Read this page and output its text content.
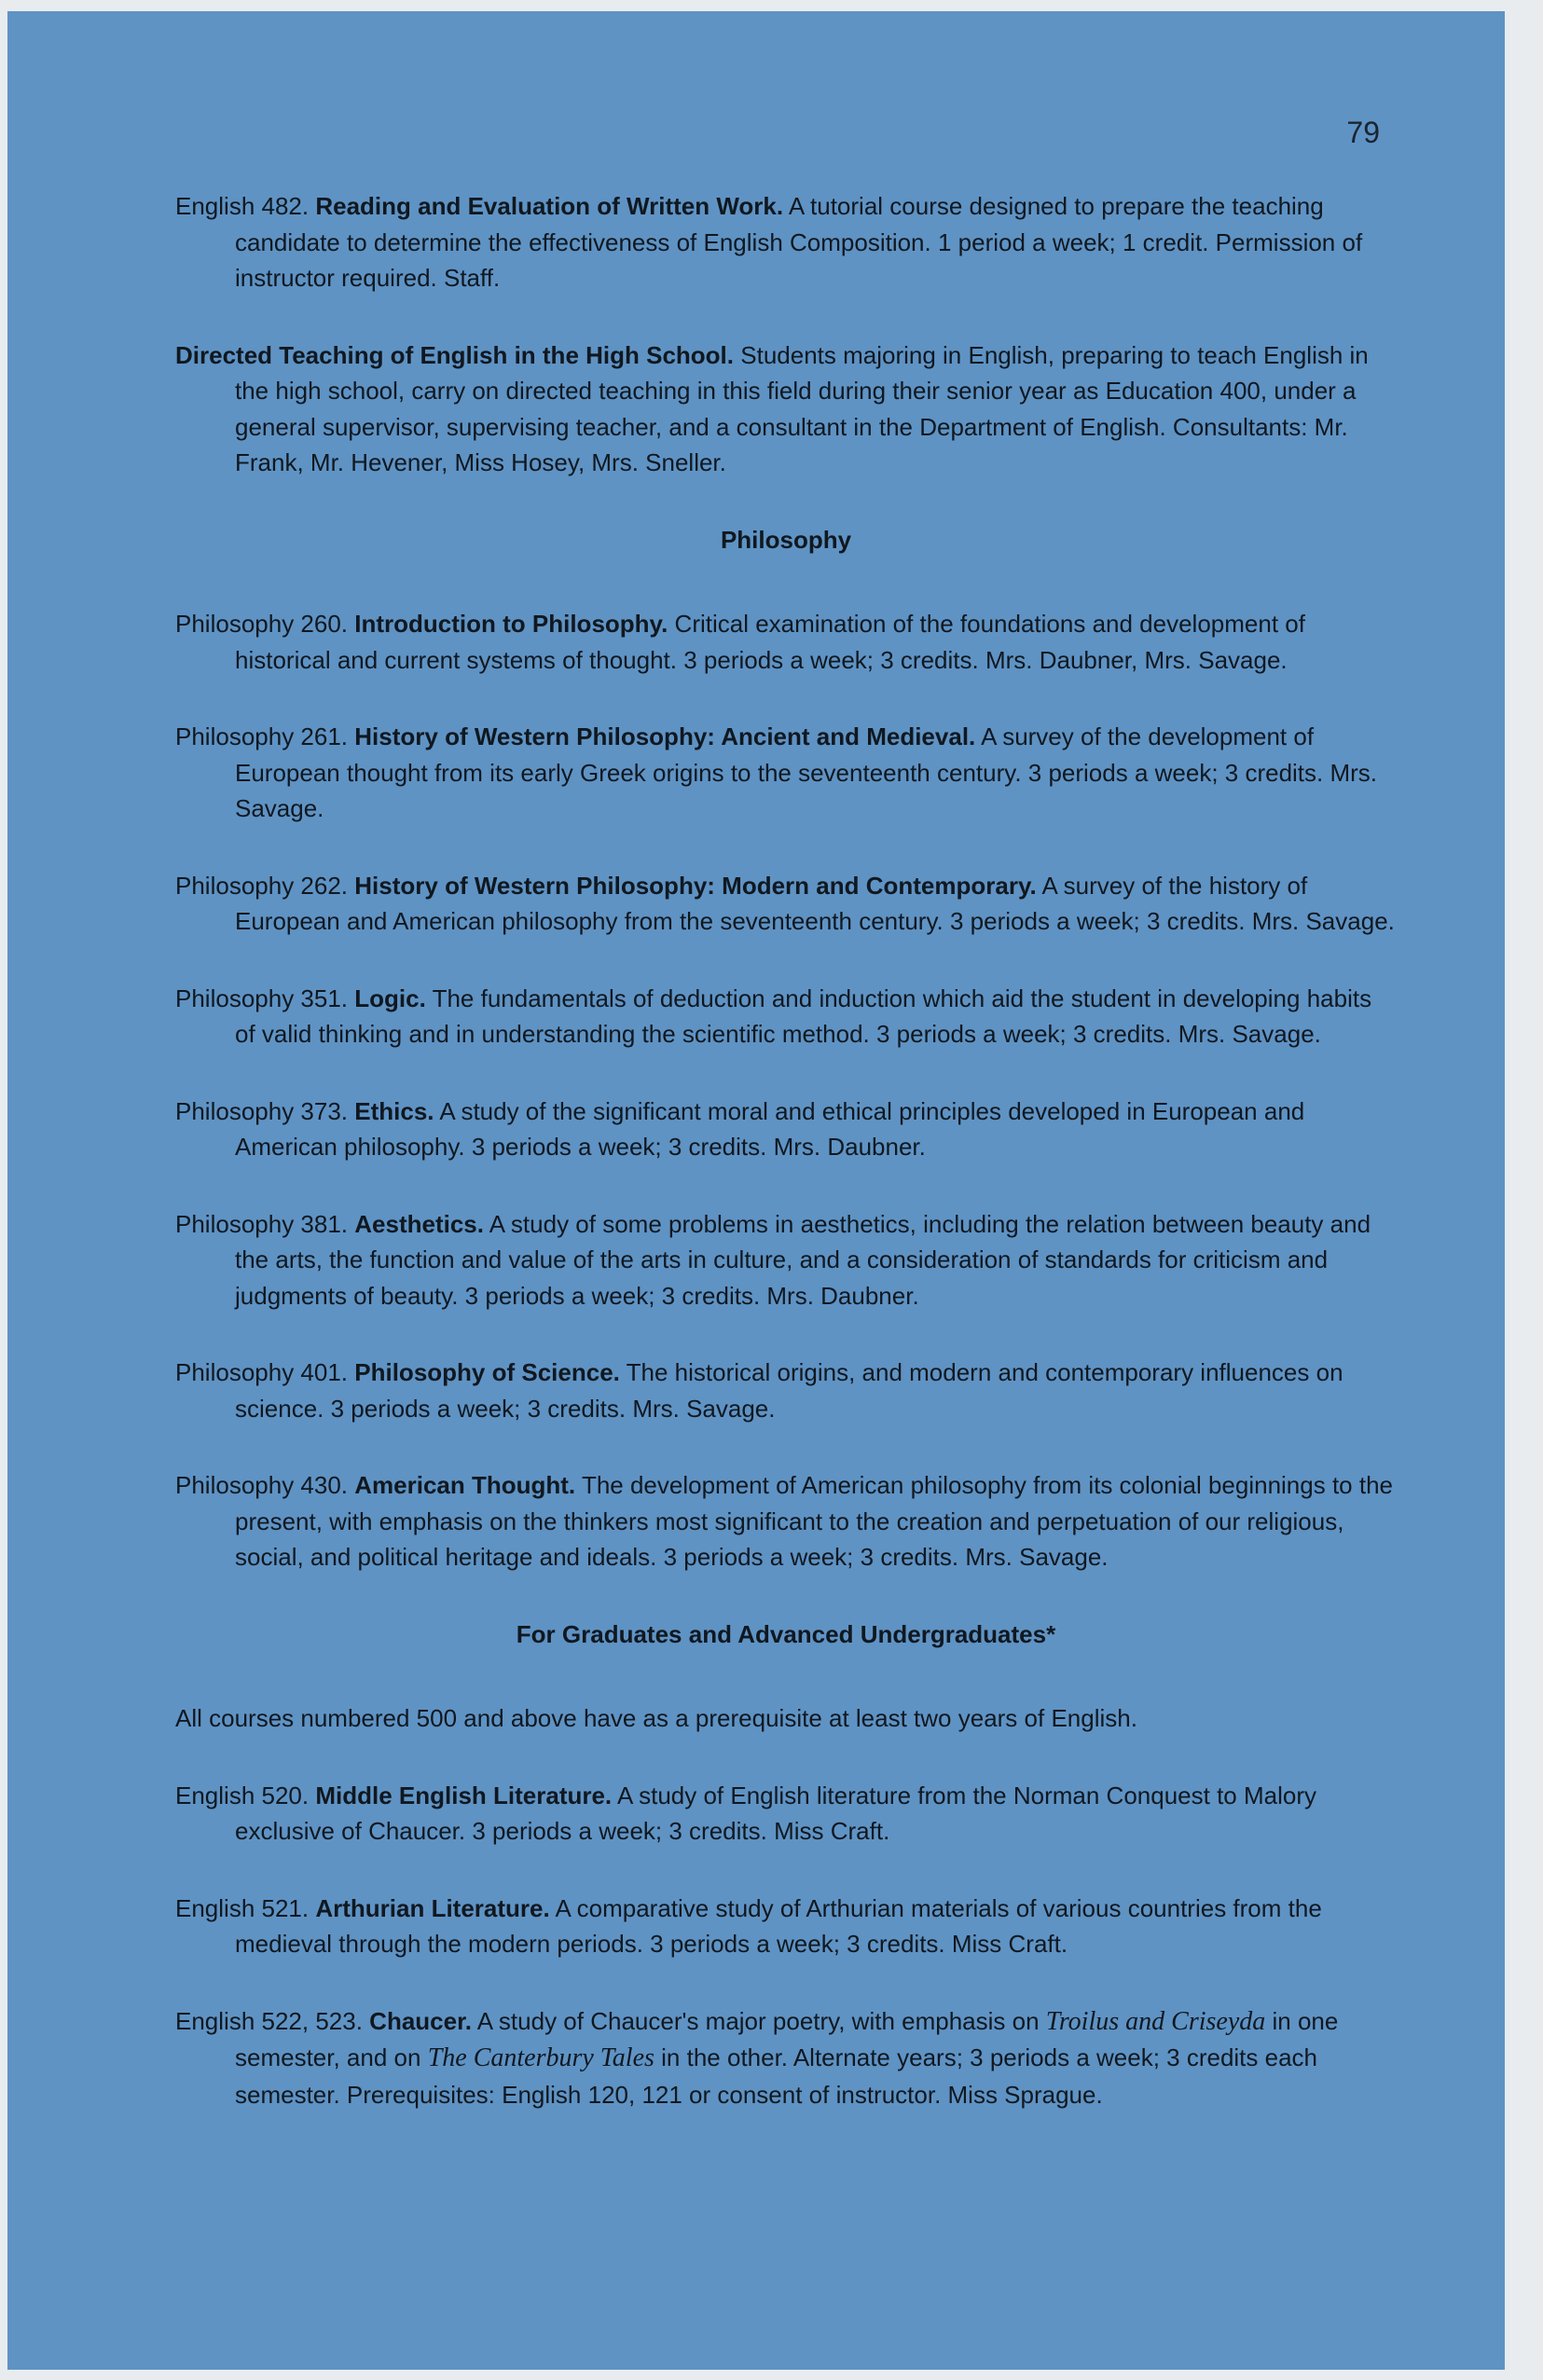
79

English 482. Reading and Evaluation of Written Work. A tutorial course designed to prepare the teaching candidate to determine the effectiveness of English Composition. 1 period a week; 1 credit. Permission of instructor required. Staff.

Directed Teaching of English in the High School. Students majoring in English, preparing to teach English in the high school, carry on directed teaching in this field during their senior year as Education 400, under a general supervisor, supervising teacher, and a consultant in the Department of English. Consultants: Mr. Frank, Mr. Hevener, Miss Hosey, Mrs. Sneller.

Philosophy

Philosophy 260. Introduction to Philosophy. Critical examination of the foundations and development of historical and current systems of thought. 3 periods a week; 3 credits. Mrs. Daubner, Mrs. Savage.

Philosophy 261. History of Western Philosophy: Ancient and Medieval. A survey of the development of European thought from its early Greek origins to the seventeenth century. 3 periods a week; 3 credits. Mrs. Savage.

Philosophy 262. History of Western Philosophy: Modern and Contemporary. A survey of the history of European and American philosophy from the seventeenth century. 3 periods a week; 3 credits. Mrs. Savage.

Philosophy 351. Logic. The fundamentals of deduction and induction which aid the student in developing habits of valid thinking and in understanding the scientific method. 3 periods a week; 3 credits. Mrs. Savage.

Philosophy 373. Ethics. A study of the significant moral and ethical principles developed in European and American philosophy. 3 periods a week; 3 credits. Mrs. Daubner.

Philosophy 381. Aesthetics. A study of some problems in aesthetics, including the relation between beauty and the arts, the function and value of the arts in culture, and a consideration of standards for criticism and judgments of beauty. 3 periods a week; 3 credits. Mrs. Daubner.

Philosophy 401. Philosophy of Science. The historical origins, and modern and contemporary influences on science. 3 periods a week; 3 credits. Mrs. Savage.

Philosophy 430. American Thought. The development of American philosophy from its colonial beginnings to the present, with emphasis on the thinkers most significant to the creation and perpetuation of our religious, social, and political heritage and ideals. 3 periods a week; 3 credits. Mrs. Savage.

For Graduates and Advanced Undergraduates*

All courses numbered 500 and above have as a prerequisite at least two years of English.

English 520. Middle English Literature. A study of English literature from the Norman Conquest to Malory exclusive of Chaucer. 3 periods a week; 3 credits. Miss Craft.

English 521. Arthurian Literature. A comparative study of Arthurian materials of various countries from the medieval through the modern periods. 3 periods a week; 3 credits. Miss Craft.

English 522, 523. Chaucer. A study of Chaucer's major poetry, with emphasis on Troilus and Criseyda in one semester, and on The Canterbury Tales in the other. Alternate years; 3 periods a week; 3 credits each semester. Prerequisites: English 120, 121 or consent of instructor. Miss Sprague.
